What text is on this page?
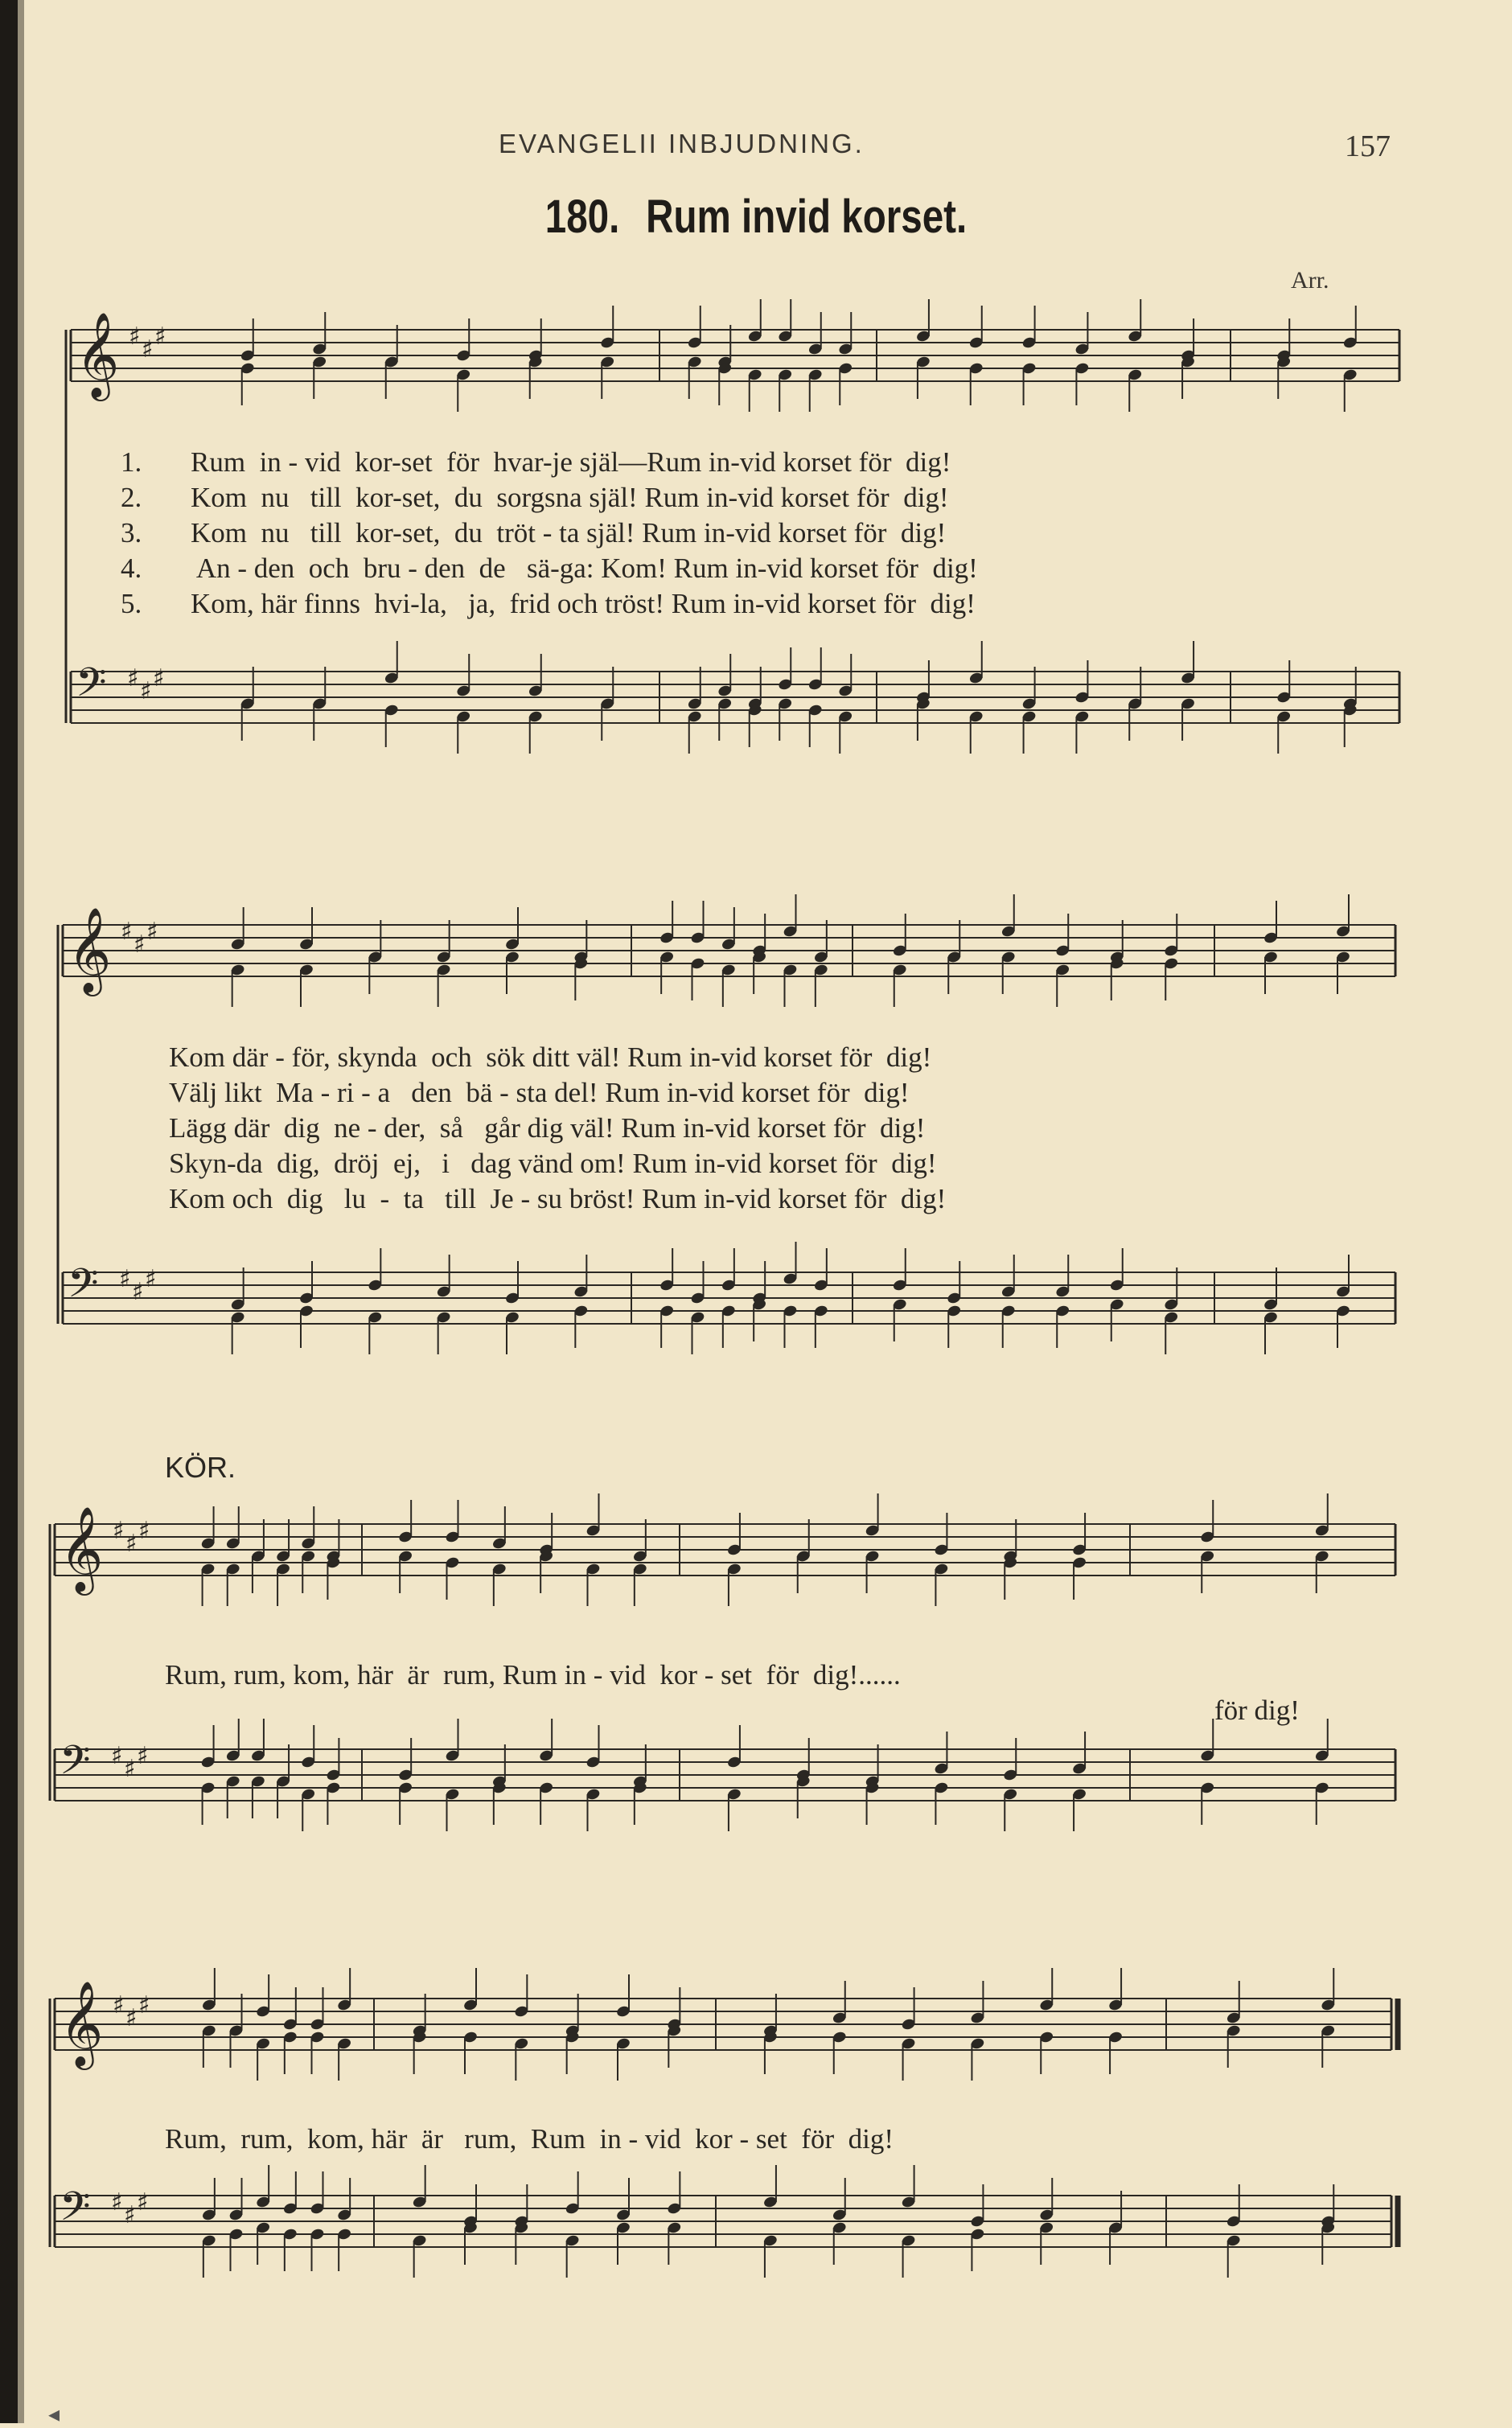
EVANGELII INBJUDNING.	157
180. Rum invid korset.
Arr.
𝄞 ♯ ♯ ♯
𝄢 ♯ ♯ ♯
1. Rum  in - vid  kor-set  för  hvar-je själ—Rum in-vid korset för  dig!
2. Kom  nu   till  kor-set,  du  sorgsna själ! Rum in-vid korset för  dig!
3. Kom  nu   till  kor-set,  du  tröt - ta själ! Rum in-vid korset för  dig!
4. An - den  och  bru - den  de   sä-ga: Kom! Rum in-vid korset för  dig!
5. Kom, här finns  hvi-la,   ja,  frid och tröst! Rum in-vid korset för  dig!
𝄞 ♯ ♯ ♯
𝄢 ♯ ♯ ♯
Kom där - för, skynda  och  sök ditt väl! Rum in-vid korset för  dig!
Välj likt  Ma - ri - a   den  bä - sta del! Rum in-vid korset för  dig!
Lägg där  dig  ne - der,  så   går dig väl! Rum in-vid korset för  dig!
Skyn-da  dig,  dröj  ej,   i   dag vänd om! Rum in-vid korset för  dig!
Kom och  dig   lu  -  ta   till  Je - su bröst! Rum in-vid korset för  dig!
KÖR.
𝄞 ♯ ♯ ♯
𝄢 ♯ ♯ ♯
Rum, rum, kom, här  är  rum, Rum in - vid  kor - set  för  dig!......
för dig!
𝄞 ♯ ♯ ♯
𝄢 ♯ ♯ ♯
Rum,  rum,  kom, här  är   rum,  Rum  in - vid  kor - set  för  dig!
◂
